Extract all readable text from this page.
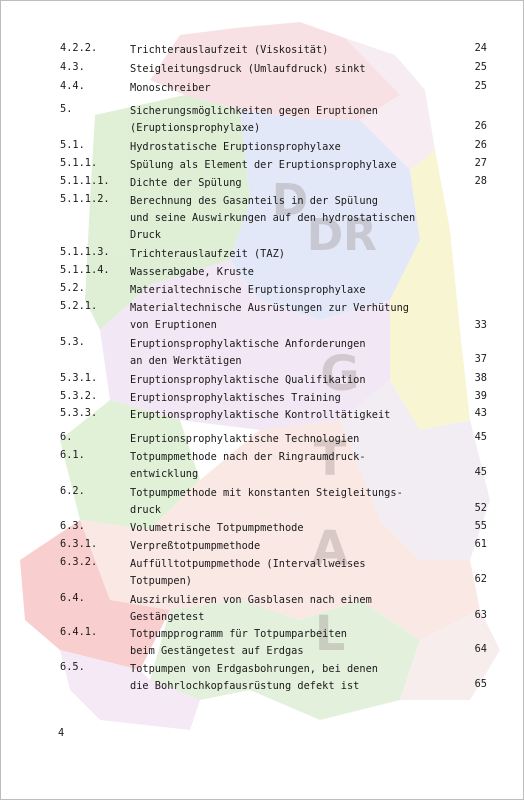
D
D R
G
T
A
L
4.2.2.	Trichterauslaufzeit (Viskosität)	24
4.3.	Steigleitungsdruck (Umlaufdruck) sinkt	25
4.4.	Monoschreiber	25
5.	Sicherungsmöglichkeiten gegen Eruptionen
(Eruptionsprophylaxe)	26
5.1.	Hydrostatische Eruptionsprophylaxe	26
5.1.1.	Spülung als Element der Eruptionsprophylaxe	27
5.1.1.1. Dichte der Spülung	28
5.1.1.2. Berechnung des Gasanteils in der Spülung
und seine Auswirkungen auf den hydrostatischen
Druck
5.1.1.3. Trichterauslaufzeit (TAZ)
5.1.1.4. Wasserabgabe, Kruste
5.2.	Materialtechnische Eruptionsprophylaxe
5.2.1.	Materialtechnische Ausrüstungen zur Verhütung
von Eruptionen	33
5.3.	Eruptionsprophylaktische Anforderungen
an den Werktätigen	37
5.3.1.	Eruptionsprophylaktische Qualifikation	38
5.3.2.	Eruptionsprophylaktisches Training	39
5.3.3.	Eruptionsprophylaktische Kontrolltätigkeit	43
6.	Eruptionsprophylaktische Technologien	45
6.1.	Totpumpmethode nach der Ringraumdruck-
entwicklung	45
6.2.	Totpumpmethode mit konstanten Steigleitungs-
druck	52
6.3.	Volumetrische Totpumpmethode	55
6.3.1.	Verpreßtotpumpmethode	61
6.3.2.	Auffülltotpumpmethode (Intervallweises
Totpumpen)	62
6.4.	Auszirkulieren von Gasblasen nach einem
Gestängetest	63
6.4.1.	Totpumpprogramm für Totpumparbeiten
beim Gestängetest auf Erdgas	64
6.5.	Totpumpen von Erdgasbohrungen, bei denen
die Bohrlochkopfausrüstung defekt ist	65
4
